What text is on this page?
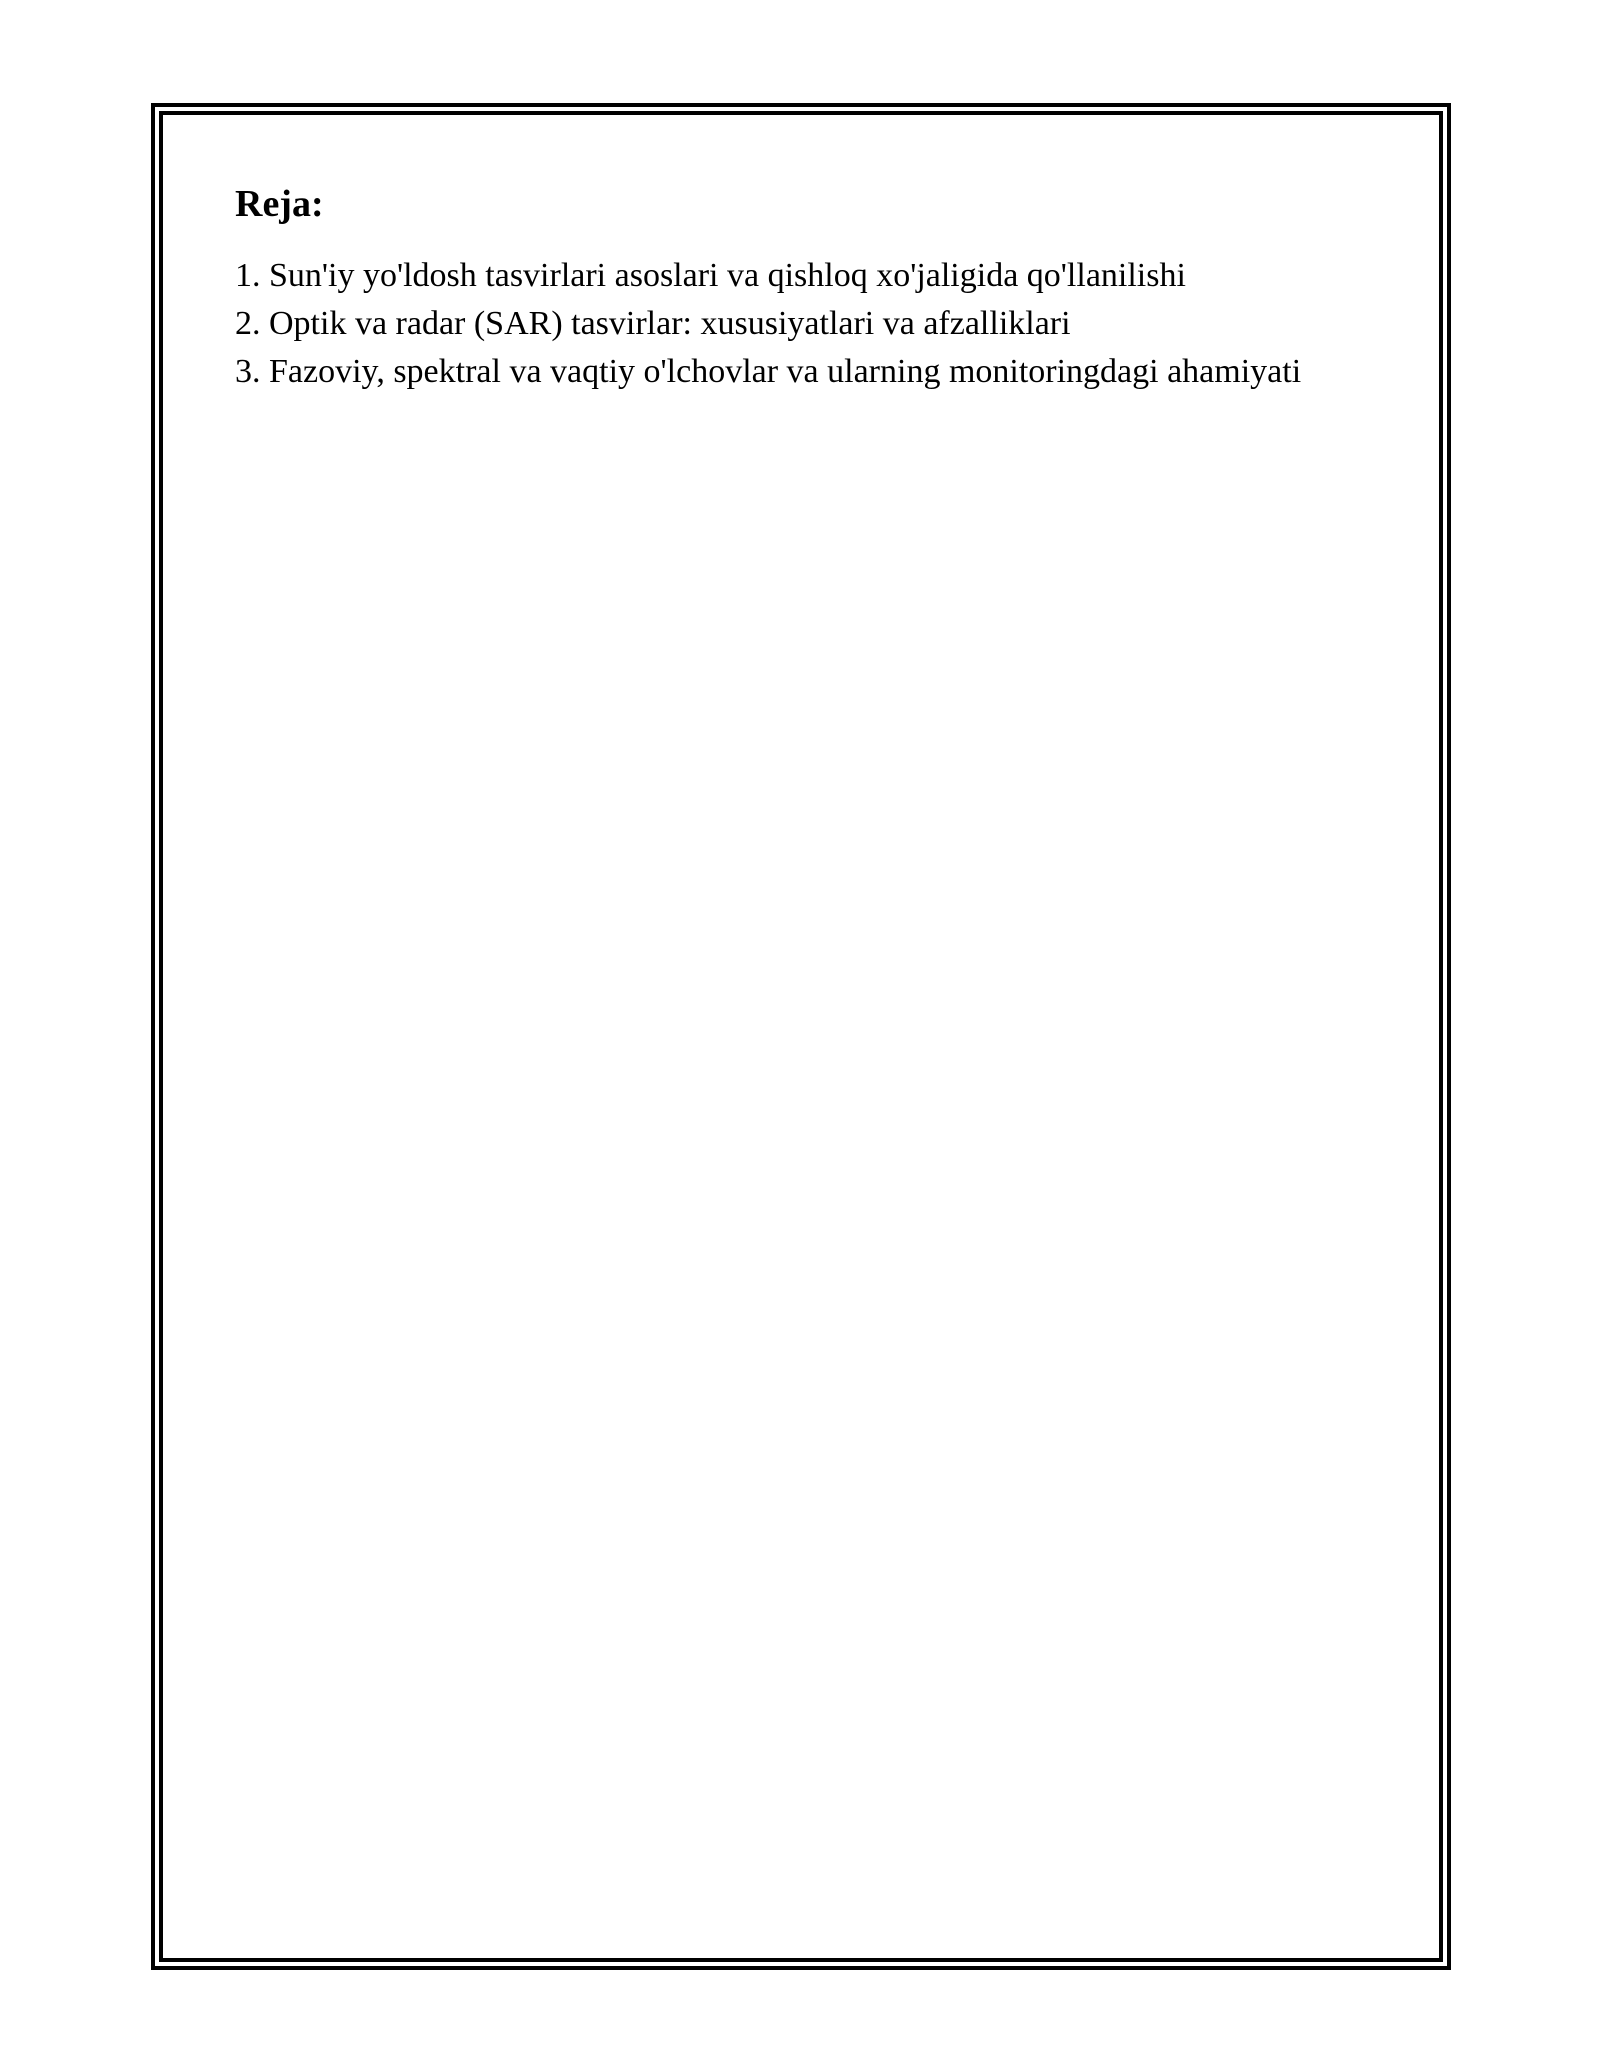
Reja:
1. Sun'iy yo'ldosh tasvirlari asoslari va qishloq xo'jaligida qo'llanilishi
2. Optik va radar (SAR) tasvirlar: xususiyatlari va afzalliklari
3. Fazoviy, spektral va vaqtiy o'lchovlar va ularning monitoringdagi ahamiyati
